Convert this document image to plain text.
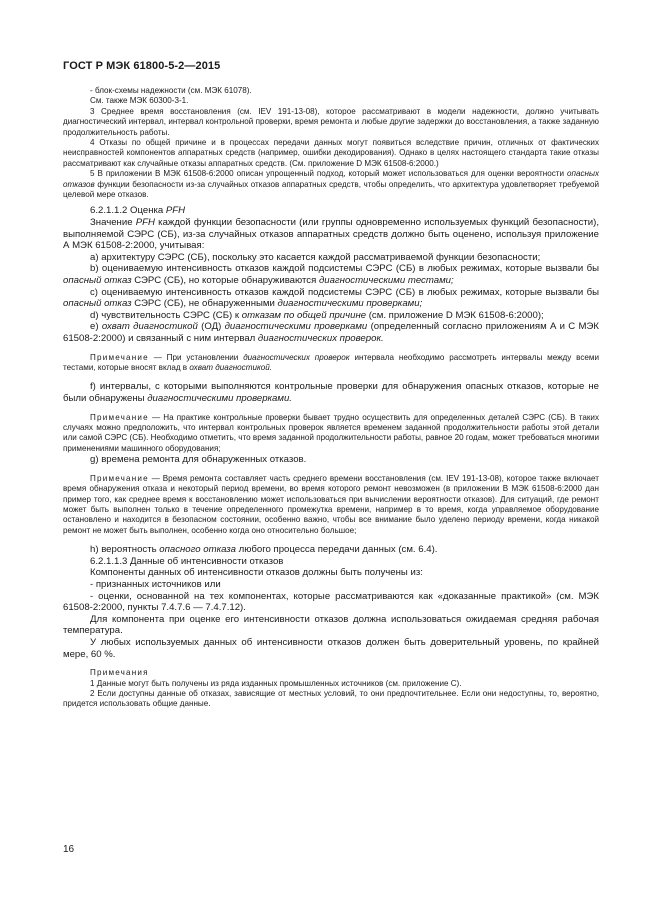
ГОСТ Р МЭК 61800-5-2—2015

- блок-схемы надежности (см. МЭК 61078).

См. также МЭК 60300-3-1.

3 Среднее время восстановления (см. IEV 191-13-08), которое рассматривают в модели надежности, должно учитывать диагностический интервал, интервал контрольной проверки, время ремонта и любые другие задержки до восстановления, а также заданную продолжительность работы.

4 Отказы по общей причине и в процессах передачи данных могут появиться вследствие причин, отличных от фактических неисправностей компонентов аппаратных средств (например, ошибки декодирования). Однако в целях настоящего стандарта такие отказы рассматривают как случайные отказы аппаратных средств. (См. приложение D МЭК 61508-6:2000.)

5 В приложении В МЭК 61508-6:2000 описан упрощенный подход, который может использоваться для оценки вероятности опасных отказов функции безопасности из-за случайных отказов аппаратных средств, чтобы определить, что архитектура удовлетворяет требуемой целевой мере отказов.

6.2.1.1.2 Оценка PFH

Значение PFH каждой функции безопасности (или группы одновременно используемых функций безопасности), выполняемой СЭРС (СБ), из-за случайных отказов аппаратных средств должно быть оценено, используя приложение А МЭК 61508-2:2000, учитывая:

а) архитектуру СЭРС (СБ), поскольку это касается каждой рассматриваемой функции безопасности;

b) оцениваемую интенсивность отказов каждой подсистемы СЭРС (СБ) в любых режимах, которые вызвали бы опасный отказ СЭРС (СБ), но которые обнаруживаются диагностическими тестами;

c) оцениваемую интенсивность отказов каждой подсистемы СЭРС (СБ) в любых режимах, которые вызвали бы опасный отказ СЭРС (СБ), не обнаруженными диагностическими проверками;

d) чувствительность СЭРС (СБ) к отказам по общей причине (см. приложение D МЭК 61508-6:2000);

е) охват диагностикой (ОД) диагностическими проверками (определенный согласно приложениям А и С МЭК 61508-2:2000) и связанный с ним интервал диагностических проверок.

Примечание — При установлении диагностических проверок интервала необходимо рассмотреть интервалы между всеми тестами, которые вносят вклад в охват диагностикой.

f) интервалы, с которыми выполняются контрольные проверки для обнаружения опасных отказов, которые не были обнаружены диагностическими проверками.

Примечание — На практике контрольные проверки бывает трудно осуществить для определенных деталей СЭРС (СБ). В таких случаях можно предположить, что интервал контрольных проверок является временем заданной продолжительности работы этой детали или самой СЭРС (СБ). Необходимо отметить, что время заданной продолжительности работы, равное 20 годам, может требоваться многими применениями машинного оборудования;

g) времена ремонта для обнаруженных отказов.

Примечание — Время ремонта составляет часть среднего времени восстановления (см. IEV 191-13-08), которое также включает время обнаружения отказа и некоторый период времени, во время которого ремонт невозможен (в приложении В МЭК 61508-6:2000 дан пример того, как среднее время к восстановлению может использоваться при вычислении вероятности отказов). Для ситуаций, где ремонт может быть выполнен только в течение определенного промежутка времени, например в то время, когда управляемое оборудование остановлено и находится в безопасном состоянии, особенно важно, чтобы все внимание было уделено периоду времени, когда никакой ремонт не может быть выполнен, особенно когда оно относительно большое;

h) вероятность опасного отказа любого процесса передачи данных (см. 6.4).

6.2.1.1.3 Данные об интенсивности отказов

Компоненты данных об интенсивности отказов должны быть получены из:

- признанных источников или

- оценки, основанной на тех компонентах, которые рассматриваются как «доказанные практикой» (см. МЭК 61508-2:2000, пункты 7.4.7.6 — 7.4.7.12).

Для компонента при оценке его интенсивности отказов должна использоваться ожидаемая средняя рабочая температура.

У любых используемых данных об интенсивности отказов должен быть доверительный уровень, по крайней мере, 60 %.

Примечания

1 Данные могут быть получены из ряда изданных промышленных источников (см. приложение С).

2 Если доступны данные об отказах, зависящие от местных условий, то они предпочтительнее. Если они недоступны, то, вероятно, придется использовать общие данные.

16
